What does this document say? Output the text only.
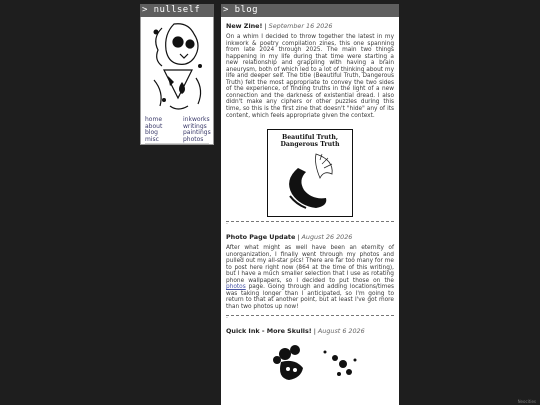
> nullself
home
about
blog
misc
inkworks
writings
paintings
photos
> blog
New Zine! | September 16 2026

On a whim I decided to throw together the latest in my inkwork & poetry compilation zines, this one spanning from late 2024 through 2025. The main two things happening in my life during that time were starting a new relationship and grappling with having a brain aneurysm, both of which led to a lot of thinking about my life and deeper self. The title (Beautiful Truth, Dangerous Truth) felt the most appropriate to convey the two sides of the experience, of finding truths in the light of a new connection and the darkness of existential dread. I also didn't make any ciphers or other puzzles during this time, so this is the first zine that doesn't "hide" any of its content, which feels appropriate given the context.

Beautiful Truth, Dangerous Truth
-
Photo Page Update | August 26 2026

After what might as well have been an eternity of unorganization, I finally went through my photos and pulled out my all-star pics! There are far too many for me to post here right now (864 at the time of this writing), but I have a much smaller selection that I use as rotating phone wallpapers, so I decided to put those on the photos page. Going through and adding locations/times was taking longer than I anticipated, so I'm going to return to that at another point, but at least I've got more than two photos up now!

-
Quick Ink - More Skulls! | August 6 2026
Neocities
